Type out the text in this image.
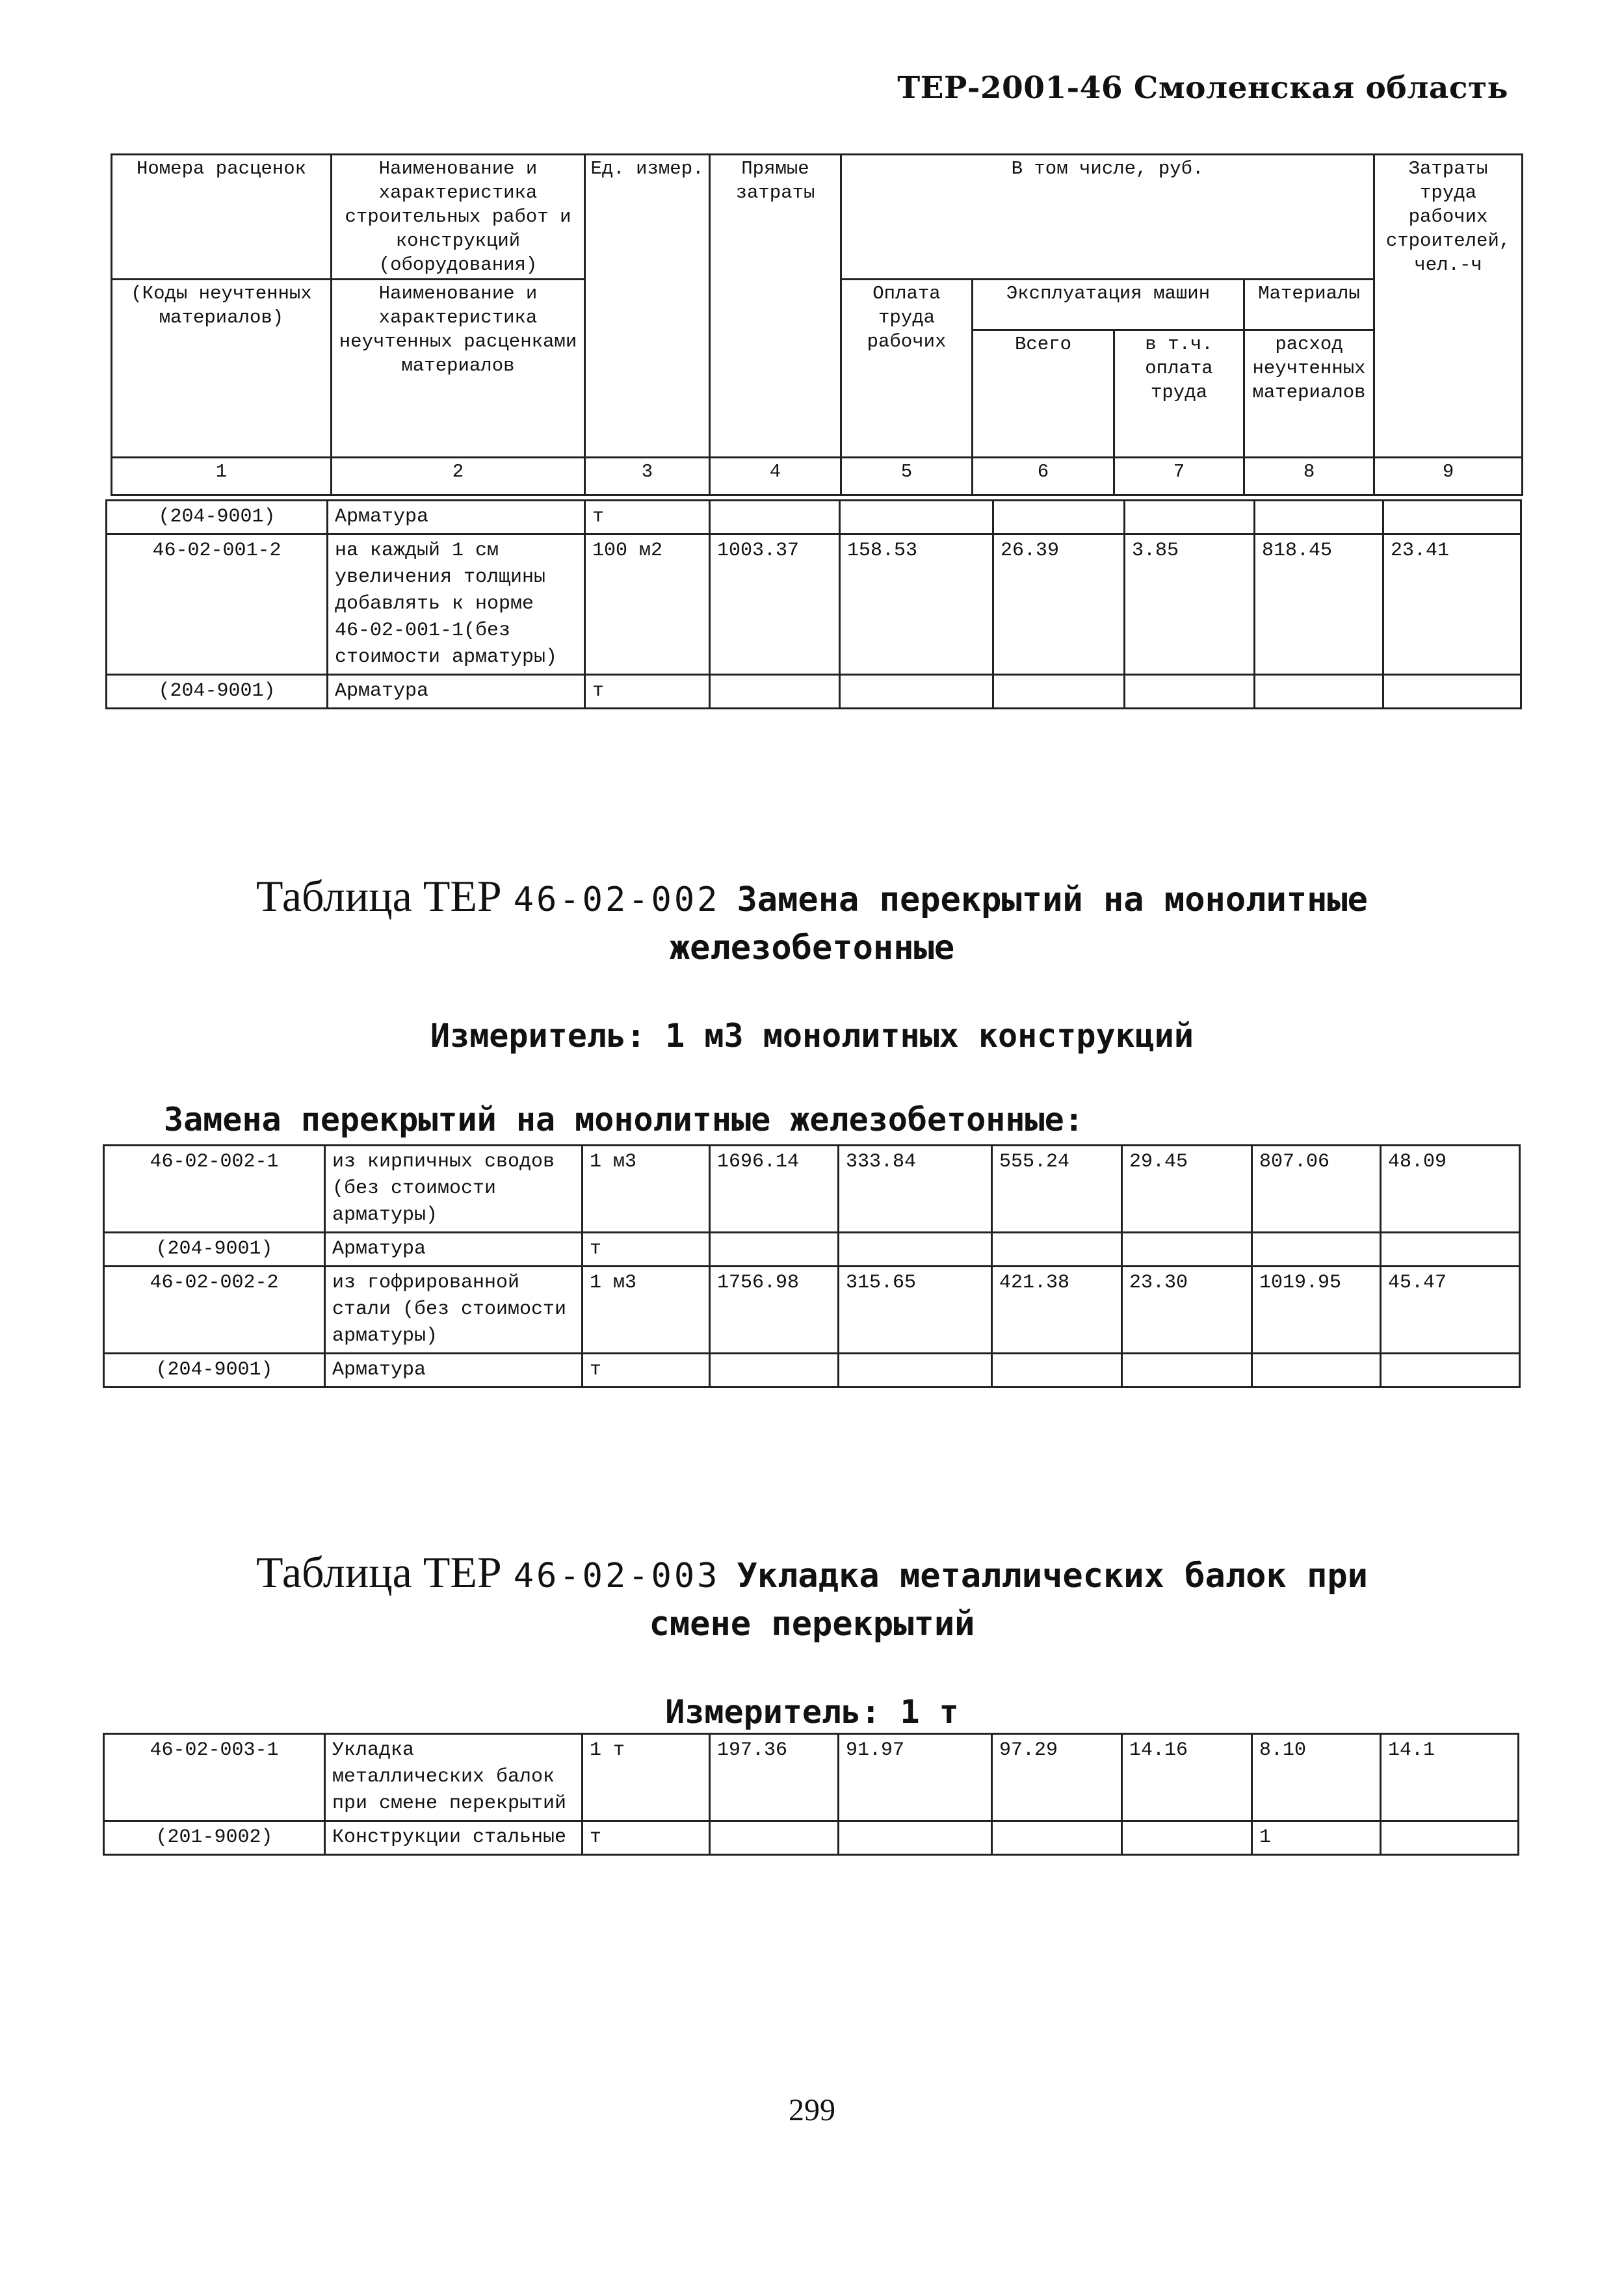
ТЕР-2001-46 Смоленская область
Номера расценок	Наименование и характеристика строительных работ и конструкций (оборудования)	Ед. измер.	Прямые затраты	В том числе, руб.				Затраты труда рабочих строителей, чел.-ч
(Коды неучтенных материалов)	Наименование и характеристика неучтенных расценками материалов			Оплата труда рабочих	Эксплуатация машин		Материалы	
					Всего	в т.ч. оплата труда	расход неучтенных материалов	
1	2	3	4	5	6	7	8	9
(204-9001)	Арматура	т						
46-02-001-2	на каждый 1 см увеличения толщины добавлять к норме 46-02-001-1(без стоимости арматуры)	100 м2	1003.37	158.53	26.39	3.85	818.45	23.41
(204-9001)	Арматура	т						
Таблица ТЕР 46-02-002 Замена перекрытий на монолитные
железобетонные
Измеритель: 1 м3 монолитных конструкций
Замена перекрытий на монолитные железобетонные:
46-02-002-1	из кирпичных сводов (без стоимости арматуры)	1 м3	1696.14	333.84	555.24	29.45	807.06	48.09
(204-9001)	Арматура	т						
46-02-002-2	из гофрированной стали (без стоимости арматуры)	1 м3	1756.98	315.65	421.38	23.30	1019.95	45.47
(204-9001)	Арматура	т						
Таблица ТЕР 46-02-003 Укладка металлических балок при
смене перекрытий
Измеритель: 1 т
46-02-003-1	Укладка металлических балок при смене перекрытий	1 т	197.36	91.97	97.29	14.16	8.10	14.1
(201-9002)	Конструкции стальные	т					1	
299
